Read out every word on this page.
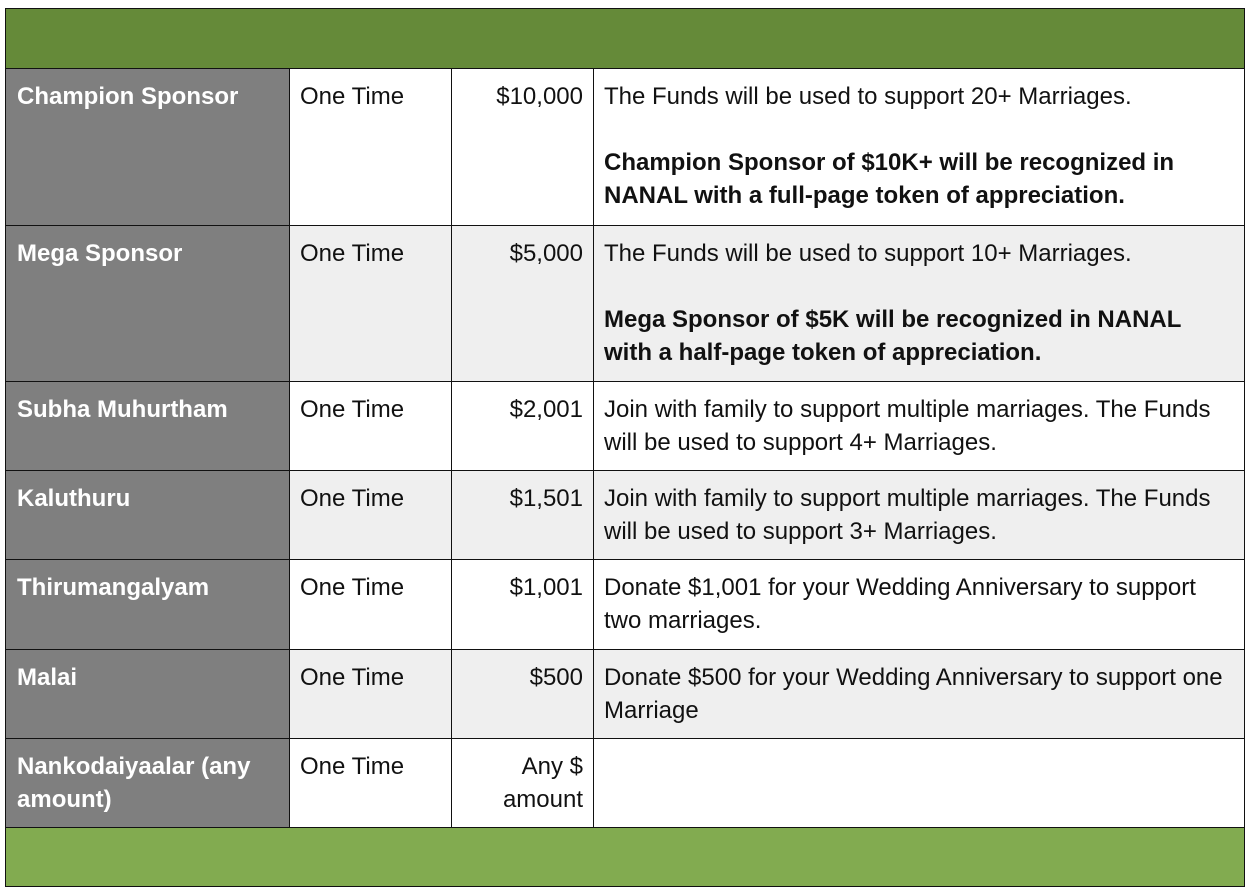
Champion Sponsor	One Time	$10,000	The Funds will be used to support 20+ Marriages.
Champion Sponsor of $10K+ will be recognized in NANAL with a full-page token of appreciation.

Mega Sponsor	One Time	$5,000	The Funds will be used to support 10+ Marriages.
Mega Sponsor of $5K will be recognized in NANAL with a half-page token of appreciation.

Subha Muhurtham	One Time	$2,001	Join with family to support multiple marriages. The Funds will be used to support 4+ Marriages.
Kaluthuru	One Time	$1,501	Join with family to support multiple marriages. The Funds will be used to support 3+ Marriages.
Thirumangalyam	One Time	$1,001	Donate $1,001 for your Wedding Anniversary to support two marriages.
Malai	One Time	$500	Donate $500 for your Wedding Anniversary to support one Marriage
Nankodaiyaalar (any amount)	One Time	Any $ amount	
